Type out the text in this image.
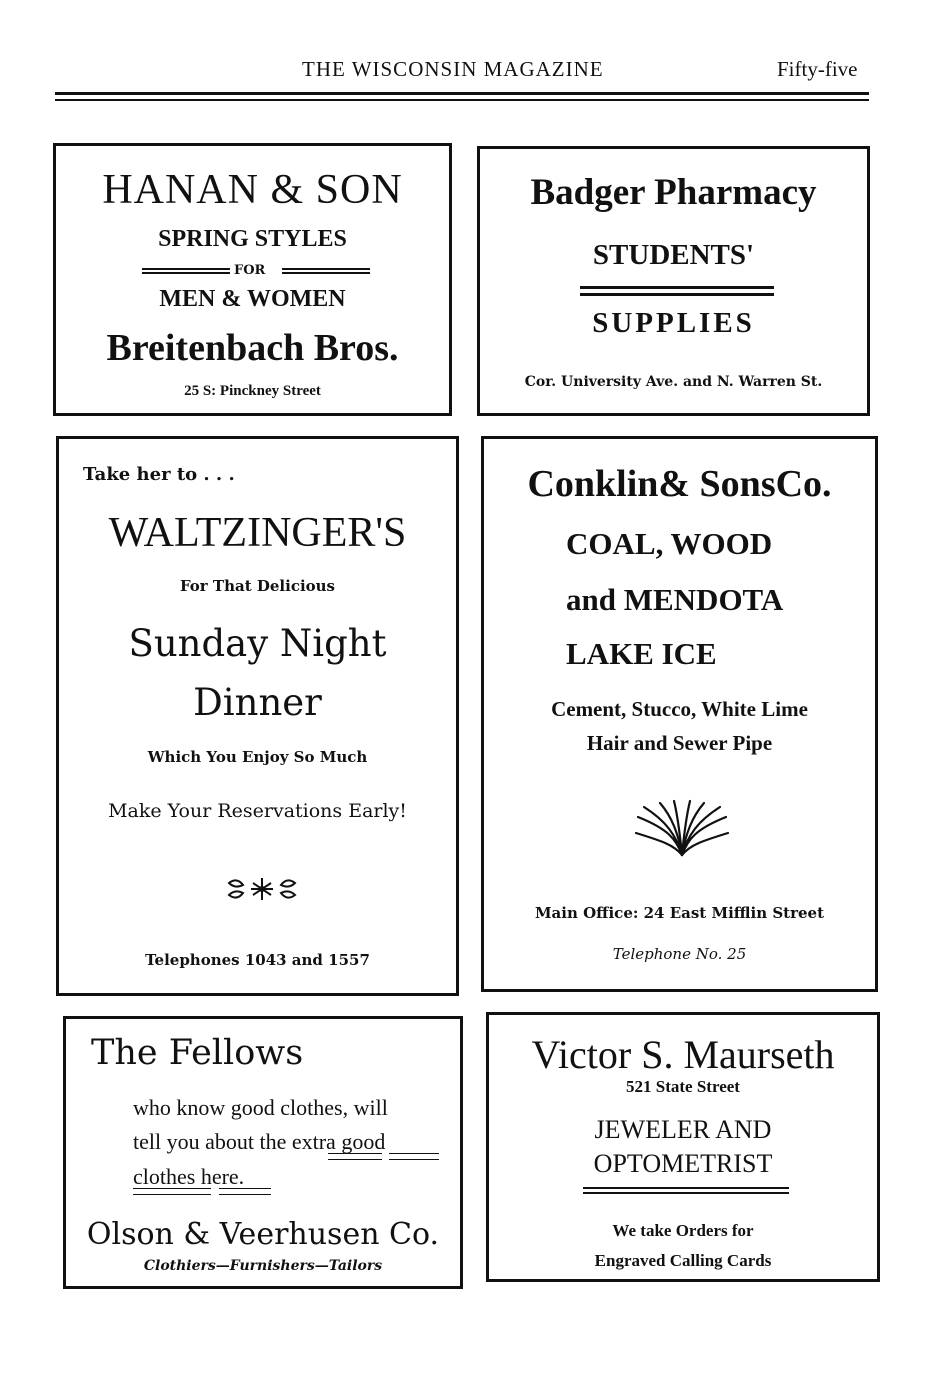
THE WISCONSIN MAGAZINE	Fifty-five
HANAN & SON
SPRING STYLES
FOR
MEN & WOMEN
Breitenbach Bros.
25 S: Pinckney Street
Badger Pharmacy
STUDENTS'
SUPPLIES
Cor. University Ave. and N. Warren St.
Take her to . . .
WALTZINGER'S
For That Delicious
Sunday Night
Dinner
Which You Enjoy So Much
Make Your Reservations Early!
Telephones 1043 and 1557
Conklin& SonsCo.
COAL, WOOD
and MENDOTA
LAKE ICE
Cement, Stucco, White Lime
Hair and Sewer Pipe
Main Office: 24 East Mifflin Street
Telephone No. 25
The Fellows
who know good clothes, will
tell you about the extra good
clothes here.
Olson & Veerhusen Co.
Clothiers—Furnishers—Tailors
Victor S. Maurseth
521 State Street
JEWELER AND
OPTOMETRIST
We take Orders for
Engraved Calling Cards
